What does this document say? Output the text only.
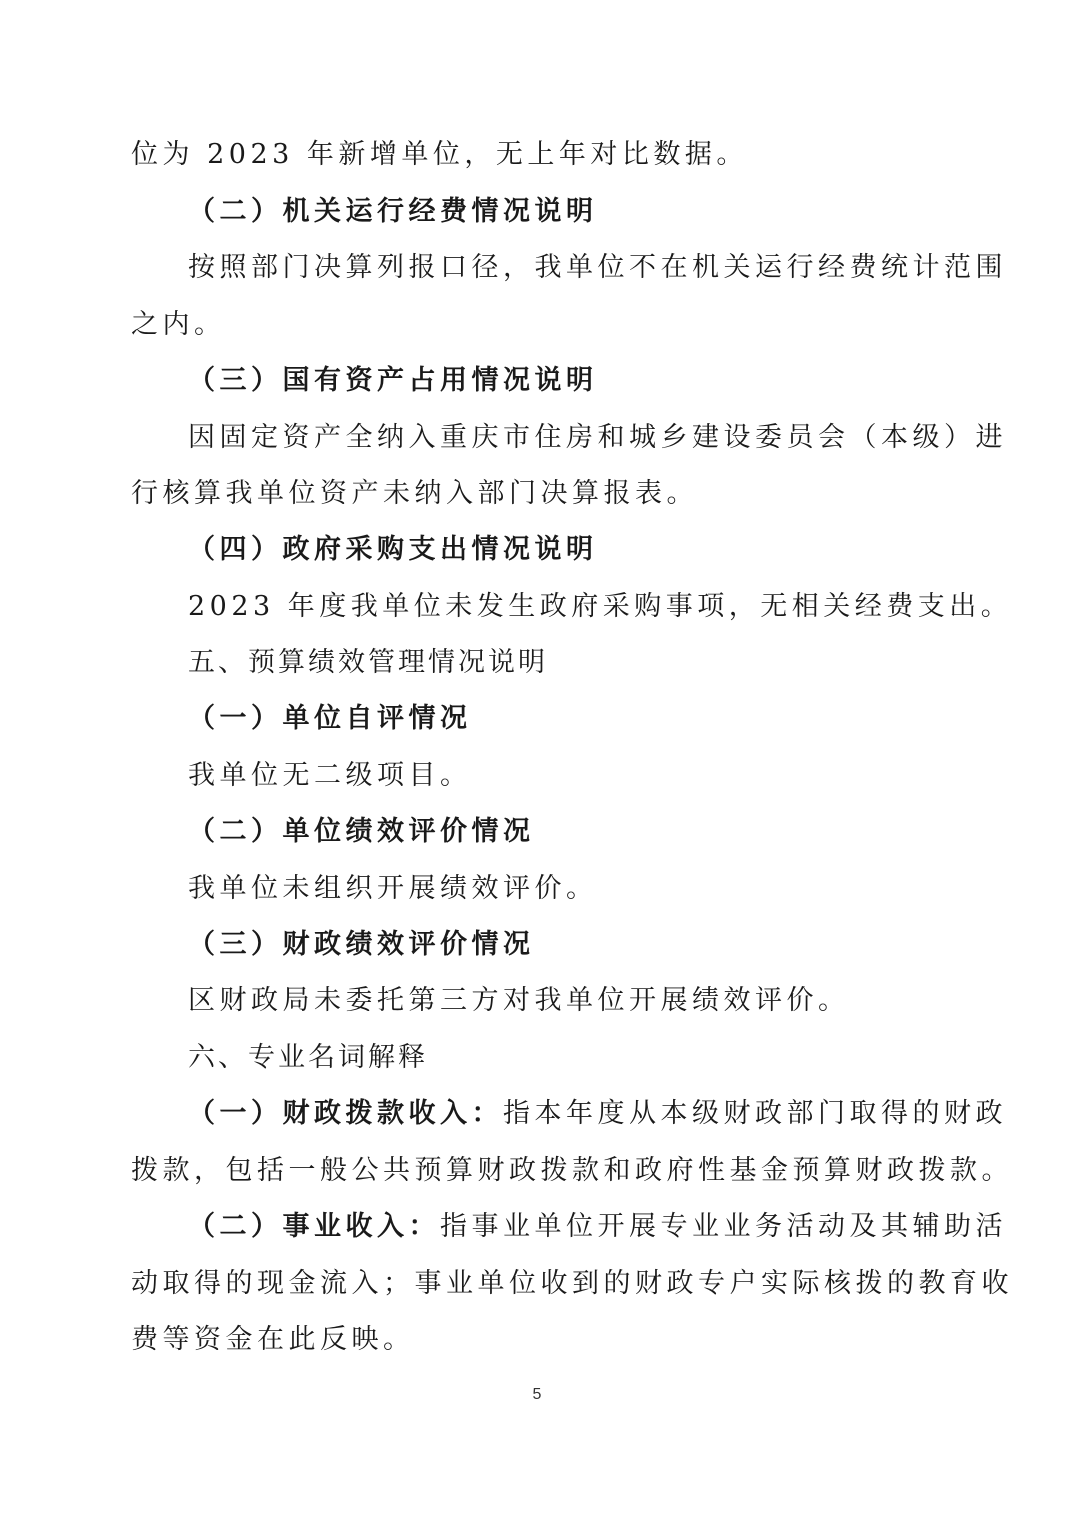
位为 2023 年新增单位，无上年对比数据。
（二）机关运行经费情况说明
按照部门决算列报口径，我单位不在机关运行经费统计范围
之内。
（三）国有资产占用情况说明
因固定资产全纳入重庆市住房和城乡建设委员会（本级）进
行核算我单位资产未纳入部门决算报表。
（四）政府采购支出情况说明
2023 年度我单位未发生政府采购事项，无相关经费支出。
五、预算绩效管理情况说明
（一）单位自评情况
我单位无二级项目。
（二）单位绩效评价情况
我单位未组织开展绩效评价。
（三）财政绩效评价情况
区财政局未委托第三方对我单位开展绩效评价。
六、专业名词解释
（一）财政拨款收入：指本年度从本级财政部门取得的财政
拨款，包括一般公共预算财政拨款和政府性基金预算财政拨款。
（二）事业收入：指事业单位开展专业业务活动及其辅助活
动取得的现金流入；事业单位收到的财政专户实际核拨的教育收
费等资金在此反映。
5
